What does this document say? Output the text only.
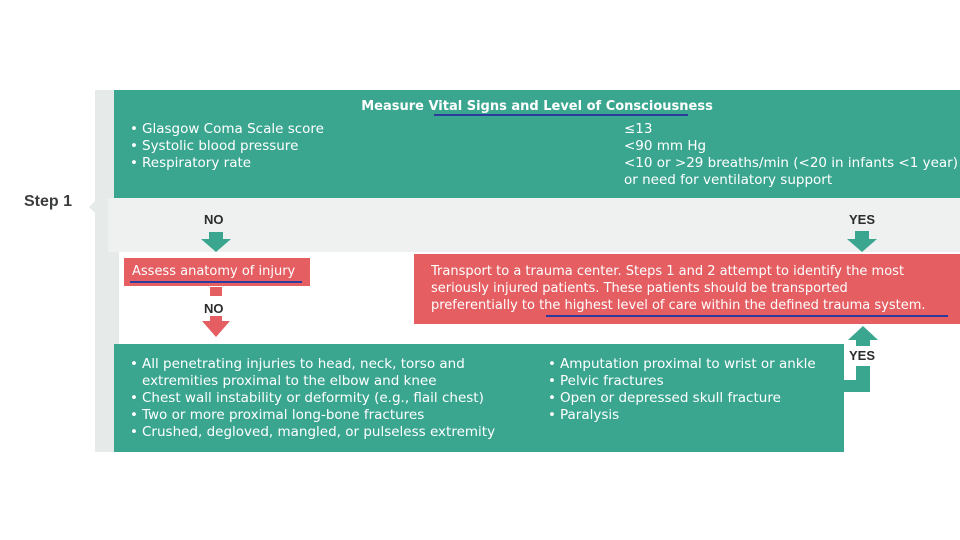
Step 1
Measure Vital Signs and Level of Consciousness
• Glasgow Coma Scale score
• Systolic blood pressure
• Respiratory rate
≤13
<90 mm Hg
<10 or >29 breaths/min (<20 in infants <1 year)
or need for ventilatory support
NO	YES
NO
YES
Assess anatomy of injury	Transport to a trauma center. Steps 1 and 2 attempt to identify the most
seriously injured patients. These patients should be transported
preferentially to the highest level of care within the defined trauma system.
• All penetrating injuries to head, neck, torso and
extremities proximal to the elbow and knee
• Chest wall instability or deformity (e.g., flail chest)
• Two or more proximal long-bone fractures
• Crushed, degloved, mangled, or pulseless extremity
• Amputation proximal to wrist or ankle
• Pelvic fractures
• Open or depressed skull fracture
• Paralysis
